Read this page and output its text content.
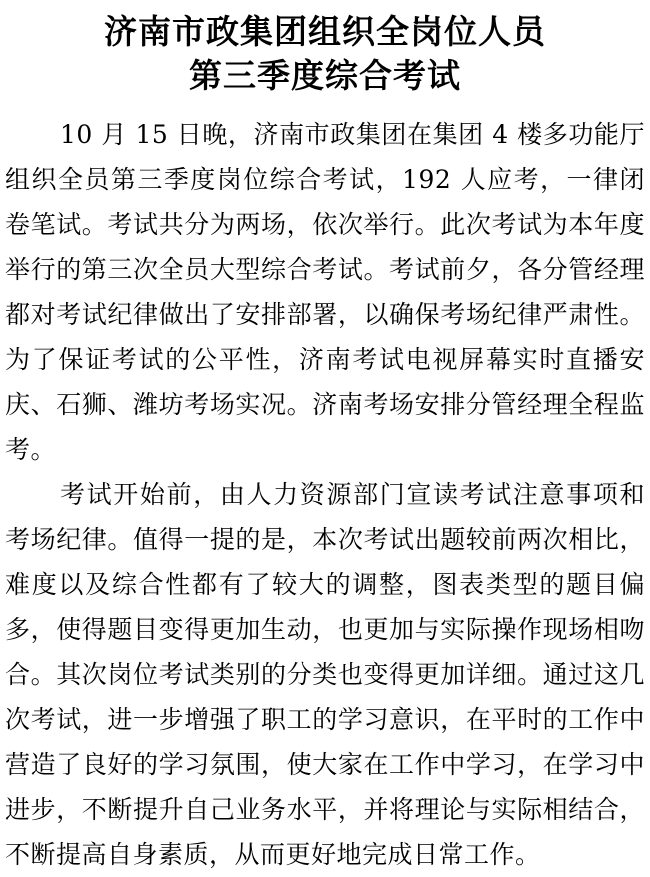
济南市政集团组织全岗位人员
第三季度综合考试

10 月 15 日晚，济南市政集团在集团 4 楼多功能厅组织全员第三季度岗位综合考试，192 人应考，一律闭卷笔试。考试共分为两场，依次举行。此次考试为本年度举行的第三次全员大型综合考试。考试前夕，各分管经理都对考试纪律做出了安排部署，以确保考场纪律严肃性。为了保证考试的公平性，济南考试电视屏幕实时直播安庆、石狮、潍坊考场实况。济南考场安排分管经理全程监考。

考试开始前，由人力资源部门宣读考试注意事项和考场纪律。值得一提的是，本次考试出题较前两次相比，难度以及综合性都有了较大的调整，图表类型的题目偏多，使得题目变得更加生动，也更加与实际操作现场相吻合。其次岗位考试类别的分类也变得更加详细。通过这几次考试，进一步增强了职工的学习意识，在平时的工作中营造了良好的学习氛围，使大家在工作中学习，在学习中进步，不断提升自己业务水平，并将理论与实际相结合，不断提高自身素质，从而更好地完成日常工作。
